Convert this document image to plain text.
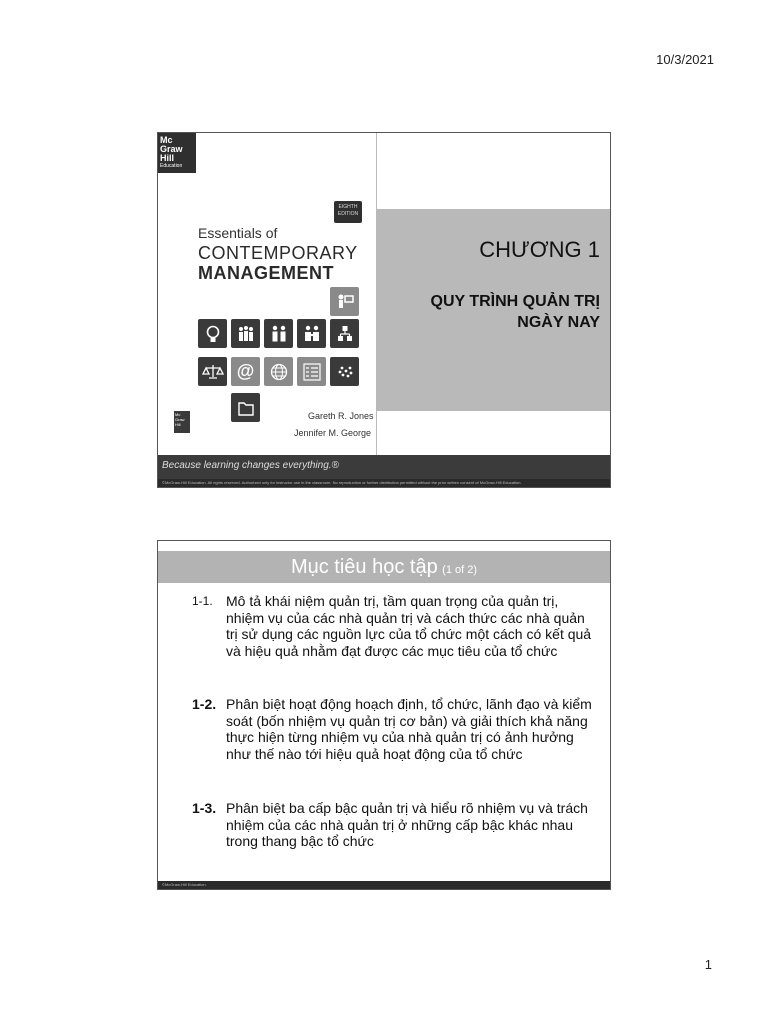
10/3/2021
Mc
Graw
Hill
Education
EIGHTH EDITION
Essentials of
CONTEMPORARY
MANAGEMENT
@
Mc
Graw
Hill
Gareth R. Jones
Jennifer M. George
CHƯƠNG 1
QUY TRÌNH QUẢN TRỊ NGÀY NAY
Because learning changes everything.®
©McGraw-Hill Education. All rights reserved. Authorized only for instructor use in the classroom. No reproduction or further distribution permitted without the prior written consent of McGraw-Hill Education.
Mục tiêu học tập (1 of 2)
1-1. Mô tả khái niệm quản trị, tầm quan trọng của quản trị, nhiệm vụ của các nhà quản trị và cách thức các nhà quản trị sử dụng các nguồn lực của tổ chức một cách có kết quả và hiệu quả nhằm đạt được các mục tiêu của tổ chức
1-2. Phân biệt hoạt động hoạch định, tổ chức, lãnh đạo và kiểm soát (bốn nhiệm vụ quản trị cơ bản) và giải thích khả năng thực hiện từng nhiệm vụ của nhà quản trị có ảnh hưởng như thế nào tới hiệu quả hoạt động của tổ chức
1-3. Phân biệt ba cấp bậc quản trị và hiểu rõ nhiệm vụ và trách nhiệm của các nhà quản trị ở những cấp bậc khác nhau trong thang bậc tổ chức
©McGraw-Hill Education.
1
